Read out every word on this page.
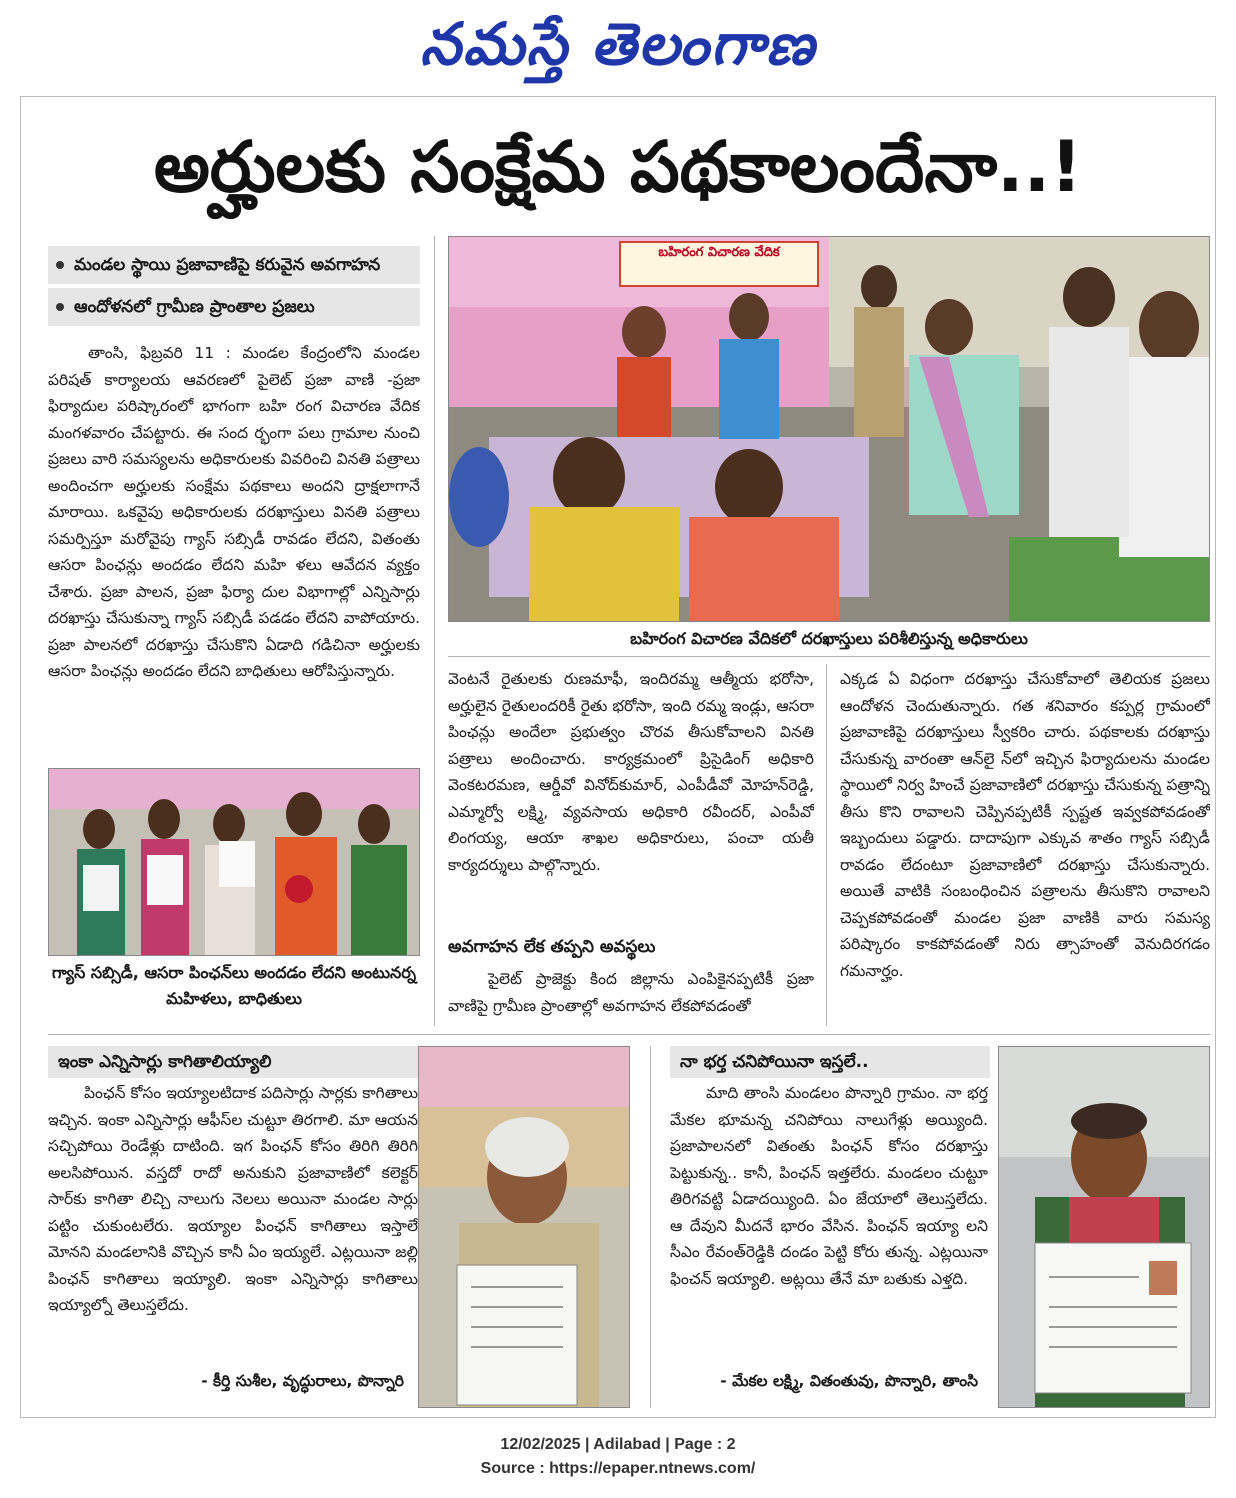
నమస్తే తెలంగాణ
అర్హులకు సంక్షేమ పథకాలందేనా..!
మండల స్థాయి ప్రజావాణిపై కరువైన అవగాహన
ఆందోళనలో గ్రామీణ ప్రాంతాల ప్రజలు
తాంసి, ఫిబ్రవరి 11 : మండల కేంద్రంలోని మండల పరిషత్ కార్యాలయ ఆవరణలో పైలెట్ ప్రజా వాణి -ప్రజా ఫిర్యాదుల పరిష్కారంలో భాగంగా బహి రంగ విచారణ వేదిక మంగళవారం చేపట్టారు. ఈ సంద ర్భంగా పలు గ్రామాల నుంచి ప్రజలు వారి సమస్యలను అధికారులకు వివరించి వినతి పత్రాలు అందించగా అర్హులకు సంక్షేమ పథకాలు అందని ద్రాక్షలాగానే మారాయి. ఒకవైపు అధికారులకు దరఖాస్తులు వినతి పత్రాలు సమర్పిస్తూ మరోవైపు గ్యాస్ సబ్సిడీ రావడం లేదని, వితంతు ఆసరా పింఛన్లు అందడం లేదని మహి ళలు ఆవేదన వ్యక్తం చేశారు. ప్రజా పాలన, ప్రజా ఫిర్యా దుల విభాగాల్లో ఎన్నిసార్లు దరఖాస్తు చేసుకున్నా గ్యాస్ సబ్సిడీ పడడం లేదని వాపోయారు. ప్రజా పాలనలో దరఖాస్తు చేసుకొని ఏడాది గడిచినా అర్హులకు ఆసరా పింఛన్లు అందడం లేదని బాధితులు ఆరోపిస్తున్నారు.
బహిరంగ విచారణ వేదిక
బహిరంగ విచారణ వేదికలో దరఖాస్తులు పరిశీలిస్తున్న అధికారులు
గ్యాస్ సబ్సిడీ, ఆసరా పింఛన్‌లు అందడం లేదని అంటునర్న మహిళలు, బాధితులు
వెంటనే రైతులకు రుణమాఫీ, ఇందిరమ్మ ఆత్మీయ భరోసా, అర్హులైన రైతులందరికీ రైతు భరోసా, ఇంది రమ్మ ఇండ్లు, ఆసరా పింఛన్లు అందేలా ప్రభుత్వం చొరవ తీసుకోవాలని వినతి పత్రాలు అందించారు. కార్యక్రమంలో ప్రిసైడింగ్ అధికారి వెంకటరమణ, ఆర్డీవో వినోద్‌కుమార్, ఎంపీడీవో మోహన్‌రెడ్డి, ఎమ్మార్వో లక్ష్మి, వ్యవసాయ అధికారి రవీందర్, ఎంపీవో లింగయ్య, ఆయా శాఖల అధికారులు, పంచా యతీ కార్యదర్శులు పాల్గొన్నారు.
అవగాహన లేక తప్పని అవస్థలు
పైలెట్ ప్రాజెక్టు కింద జిల్లాను ఎంపికైనప్పటికీ ప్రజా వాణిపై గ్రామీణ ప్రాంతాల్లో అవగాహన లేకపోవడంతో
ఎక్కడ ఏ విధంగా దరఖాస్తు చేసుకోవాలో తెలియక ప్రజలు ఆందోళన చెందుతున్నారు. గత శనివారం కప్పర్ల గ్రామంలో ప్రజావాణిపై దరఖాస్తులు స్వీకరిం చారు. పథకాలకు దరఖాస్తు చేసుకున్న వారంతా ఆన్‌లై న్‌లో ఇచ్చిన ఫిర్యాదులను మండల స్థాయిలో నిర్వ హించే ప్రజావాణిలో దరఖాస్తు చేసుకున్న పత్రాన్ని తీసు కొని రావాలని చెప్పినప్పటికీ స్పష్టత ఇవ్వకపోవడంతో ఇబ్బందులు పడ్డారు. దాదాపుగా ఎక్కువ శాతం గ్యాస్ సబ్సిడీ రావడం లేదంటూ ప్రజావాణిలో దరఖాస్తు చేసుకున్నారు. అయితే వాటికి సంబంధించిన పత్రాలను తీసుకొని రావాలని చెప్పకపోవడంతో మండల ప్రజా వాణికి వారు సమస్య పరిష్కారం కాకపోవడంతో నిరు త్సాహంతో వెనుదిరగడం గమనార్హం.
ఇంకా ఎన్నిసార్లు కాగితాలియ్యాలి
పింఛన్ కోసం ఇయ్యాలటిదాక పదిసార్లు సార్లకు కాగితాలు ఇచ్చిన. ఇంకా ఎన్నిసార్లు ఆఫీస్‌ల చుట్టూ తిరగాలి. మా ఆయన సచ్చిపోయి రెండేళ్లు దాటింది. ఇగ పింఛన్ కోసం తిరిగి తిరిగి అలసిపోయిన. వస్తదో రాదో అనుకుని ప్రజావాణిలో కలెక్టర్ సార్‌కు కాగితా లిచ్చి నాలుగు నెలలు అయినా మండల సార్లు పట్టిం చుకుంటలేరు. ఇయ్యాల పింఛన్ కాగితాలు ఇస్తాలే మోనని మండలానికి వొచ్చిన కానీ ఏం ఇయ్యలే. ఎట్లయినా జల్లి పింఛన్ కాగితాలు ఇయ్యాలి. ఇంకా ఎన్నిసార్లు కాగితాలు ఇయ్యాల్నో తెలుస్తలేదు.
- కీర్తి సుశీల, వృద్ధురాలు, పొన్నారి
నా భర్త చనిపోయినా ఇస్తలే..
మాది తాంసి మండలం పొన్నారి గ్రామం. నా భర్త మేకల భూమన్న చనిపోయి నాలుగేళ్లు అయ్యింది. ప్రజాపాలనలో వితంతు పింఛన్ కోసం దరఖాస్తు పెట్టుకున్న.. కానీ, పింఛన్ ఇత్తలేరు. మండలం చుట్టూ తిరిగవట్టి ఏడాదయ్యింది. ఏం జేయాలో తెలుస్తలేదు. ఆ దేవుని మీదనే భారం వేసిన. పింఛన్ ఇయ్యా లని సీఎం రేవంత్‌రెడ్డికి దండం పెట్టి కోరు తున్న. ఎట్లయినా ఫించన్ ఇయ్యాలి. అట్లయి తేనే మా బతుకు ఎళ్తది.
- మేకల లక్ష్మి, వితంతువు, పొన్నారి, తాంసి
12/02/2025 | Adilabad | Page : 2
Source : https://epaper.ntnews.com/
